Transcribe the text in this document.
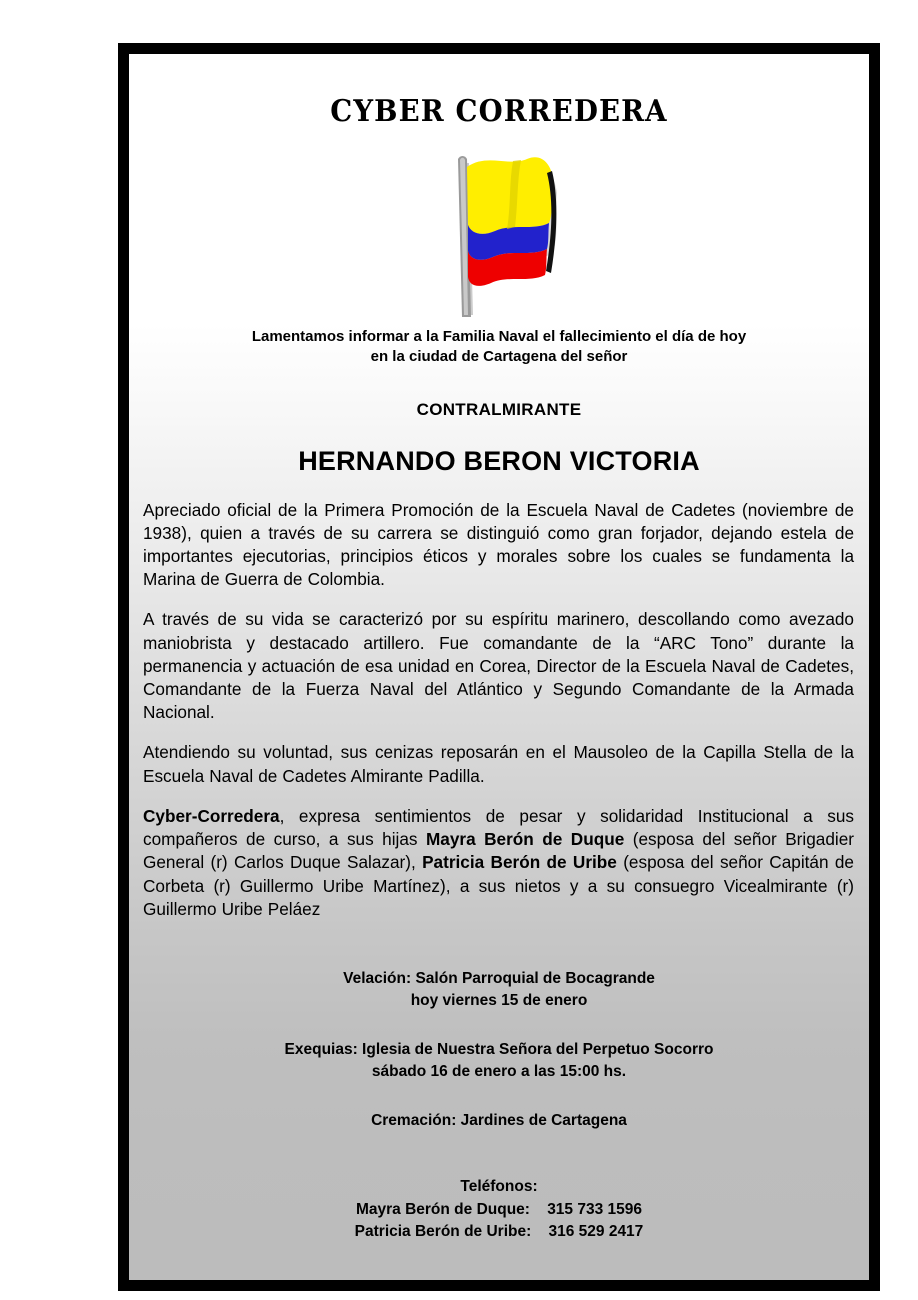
CYBER CORREDERA

Lamentamos informar a la Familia Naval el fallecimiento el día de hoy

en la ciudad de Cartagena del señor

CONTRALMIRANTE

HERNANDO BERON VICTORIA

Apreciado oficial de la Primera Promoción de la Escuela Naval de Cadetes (noviembre de 1938), quien a través de su carrera se distinguió como gran forjador, dejando estela de importantes ejecutorias, principios éticos y morales sobre los cuales se fundamenta la Marina de Guerra de Colombia.

A través de su vida se caracterizó por su espíritu marinero, descollando como avezado maniobrista y destacado artillero. Fue comandante de la “ARC Tono” durante la permanencia y actuación de esa unidad en Corea, Director de la Escuela Naval de Cadetes, Comandante de la Fuerza Naval del Atlántico y Segundo Comandante de la Armada Nacional.

Atendiendo su voluntad, sus cenizas reposarán en el Mausoleo de la Capilla Stella de la Escuela Naval de Cadetes Almirante Padilla.

Cyber-Corredera, expresa sentimientos de pesar y solidaridad Institucional a sus compañeros de curso, a sus hijas Mayra Berón de Duque (esposa del señor Brigadier General (r) Carlos Duque Salazar), Patricia Berón de Uribe (esposa del señor Capitán de Corbeta (r) Guillermo Uribe Martínez), a sus nietos y a su consuegro Vicealmirante (r) Guillermo Uribe Peláez

Velación: Salón Parroquial de Bocagrande

hoy viernes 15 de enero

Exequias: Iglesia de Nuestra Señora del Perpetuo Socorro

sábado 16 de enero a las 15:00 hs.

Cremación: Jardines de Cartagena

Teléfonos:
Mayra Berón de Duque: 315 733 1596
Patricia Berón de Uribe: 316 529 2417
